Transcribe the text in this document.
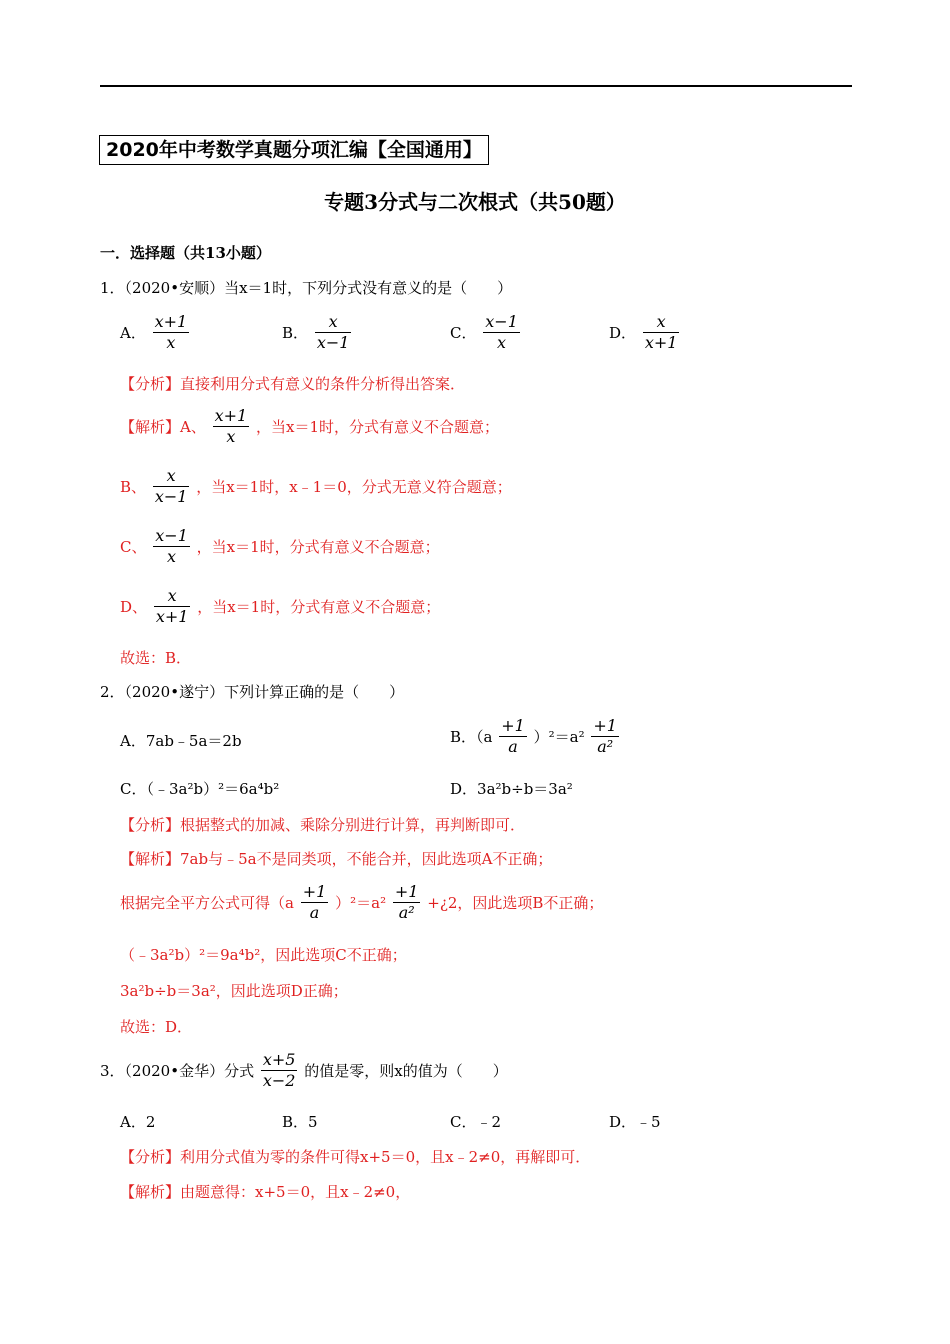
2020年中考数学真题分项汇编【全国通用】
专题3分式与二次根式（共50题）
一．选择题（共13小题）
1．（2020•安顺）当x＝1时，下列分式没有意义的是（　　）
A． $\frac{x+1}{x}$	B． $\frac{x}{x-1}$	C． $\frac{x-1}{x}$	D． $\frac{x}{x+1}$
【分析】直接利用分式有意义的条件分析得出答案．
【解析】A、 $\frac{x+1}{x}$ ，当x＝1时，分式有意义不合题意；
B、 $\frac{x}{x-1}$ ，当x＝1时，x﹣1＝0，分式无意义符合题意；
C、 $\frac{x-1}{x}$ ，当x＝1时，分式有意义不合题意；
D、 $\frac{x}{x+1}$ ，当x＝1时，分式有意义不合题意；
故选：B．
2．（2020•遂宁）下列计算正确的是（　　）
A．7ab﹣5a＝2b	B．$(a \frac{+1}{a} )^2=a^2 \frac{+1}{\text{a²}}$
C．（﹣3a²b）²＝6a⁴b²	D．3a²b÷b＝3a²
【分析】根据整式的加减、乘除分别进行计算，再判断即可．
【解析】7ab与﹣5a不是同类项，不能合并，因此选项A不正确；
根据完全平方公式可得$(a \frac{+1}{a} )^2=a^2 \frac{+1}{\text{a²}}$ +¿2，因此选项B不正确；
（﹣3a²b）²＝9a⁴b²，因此选项C不正确；
3a²b÷b＝3a²，因此选项D正确；
故选：D．
3．（2020•金华）分式 $\frac{x+5}{x-2}$ 的值是零，则x的值为（　　）
A．2	B．5	C．﹣2	D．﹣5
【分析】利用分式值为零的条件可得x+5＝0，且x﹣2≠0，再解即可．
【解析】由题意得：x+5＝0，且x﹣2≠0，
